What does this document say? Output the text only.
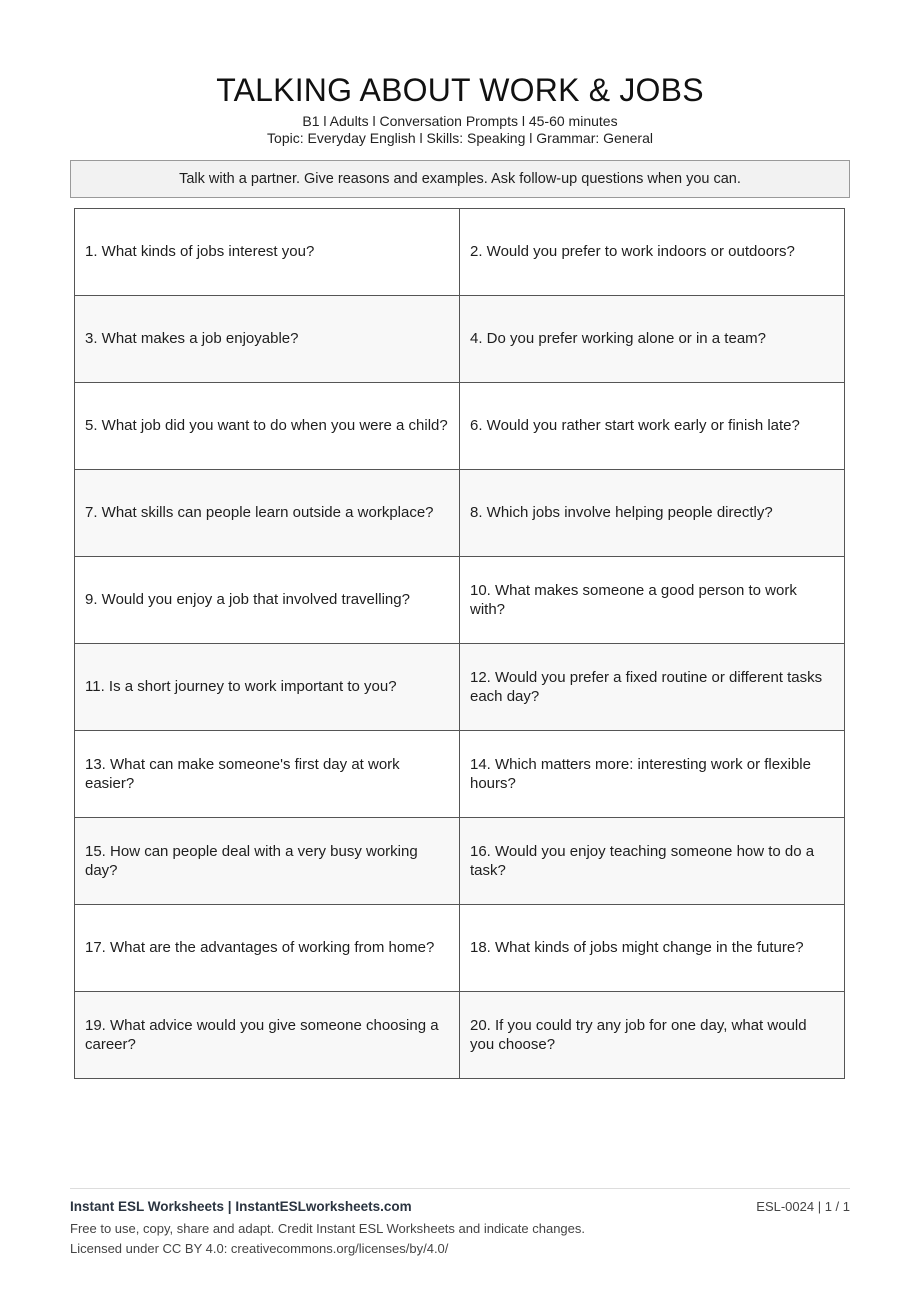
TALKING ABOUT WORK & JOBS
B1 l Adults l Conversation Prompts l 45-60 minutes
Topic: Everyday English l Skills: Speaking l Grammar: General
Talk with a partner. Give reasons and examples. Ask follow-up questions when you can.
1. What kinds of jobs interest you?	2. Would you prefer to work indoors or outdoors?
3. What makes a job enjoyable?	4. Do you prefer working alone or in a team?
5. What job did you want to do when you were a child?	6. Would you rather start work early or finish late?
7. What skills can people learn outside a workplace?	8. Which jobs involve helping people directly?
9. Would you enjoy a job that involved travelling?	10. What makes someone a good person to work with?
11. Is a short journey to work important to you?	12. Would you prefer a fixed routine or different tasks each day?
13. What can make someone's first day at work easier?	14. Which matters more: interesting work or flexible hours?
15. How can people deal with a very busy working day?	16. Would you enjoy teaching someone how to do a task?
17. What are the advantages of working from home?	18. What kinds of jobs might change in the future?
19. What advice would you give someone choosing a career?	20. If you could try any job for one day, what would you choose?
Instant ESL Worksheets | InstantESLworksheets.com	ESL-0024 | 1 / 1
Free to use, copy, share and adapt. Credit Instant ESL Worksheets and indicate changes.
Licensed under CC BY 4.0: creativecommons.org/licenses/by/4.0/
